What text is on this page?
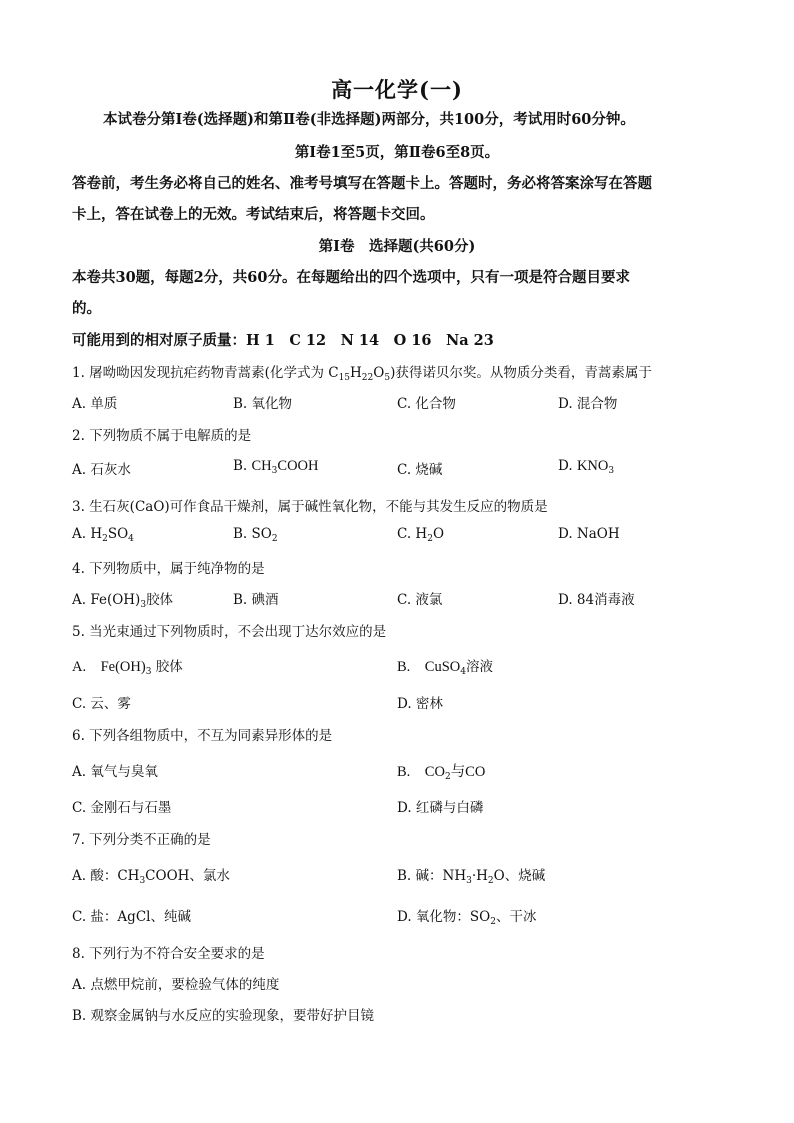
高一化学(一)
本试卷分第Ⅰ卷(选择题)和第Ⅱ卷(非选择题)两部分，共100分，考试用时60分钟。
第Ⅰ卷1至5页，第Ⅱ卷6至8页。
答卷前，考生务必将自己的姓名、准考号填写在答题卡上。答题时，务必将答案涂写在答题
卡上，答在试卷上的无效。考试结束后，将答题卡交回。
第Ⅰ卷　选择题(共60分)
本卷共30题，每题2分，共60分。在每题给出的四个选项中，只有一项是符合题目要求
的。
可能用到的相对原子质量：H 1　C 12　N 14　O 16　Na 23
1. 屠呦呦因发现抗疟药物青蒿素(化学式为 $C_{15}H_{22}O_5$)获得诺贝尔奖。从物质分类看，青蒿素属于
A. 单质	B. 氧化物	C. 化合物	D. 混合物
2. 下列物质不属于电解质的是
A. 石灰水	B. $CH_3COOH$	C. 烧碱	D. $KNO_3$
3. 生石灰(CaO)可作食品干燥剂，属于碱性氧化物，不能与其发生反应的物质是
A. $H_2SO_4$	B. $SO_2$	C. $H_2O$	D. NaOH
4. 下列物质中，属于纯净物的是
A. $Fe(OH)_3$胶体	B. 碘酒	C. 液氯	D. 84消毒液
5. 当光束通过下列物质时，不会出现丁达尔效应的是
A.　$Fe(OH)_3$ 胶体	B.　CuSO$_4$溶液
C. 云、雾	D. 密林
6. 下列各组物质中，不互为同素异形体的是
A. 氧气与臭氧	B.　$CO_2$与CO
C. 金刚石与石墨	D. 红磷与白磷
7. 下列分类不正确的是
A. 酸：$CH_3COOH$、氯水	B. 碱：$NH_3\cdot H_2O$、烧碱
C. 盐：AgCl、纯碱	D. 氧化物：$SO_2$、干冰
8. 下列行为不符合安全要求的是
A. 点燃甲烷前，要检验气体的纯度
B. 观察金属钠与水反应的实验现象，要带好护目镜
